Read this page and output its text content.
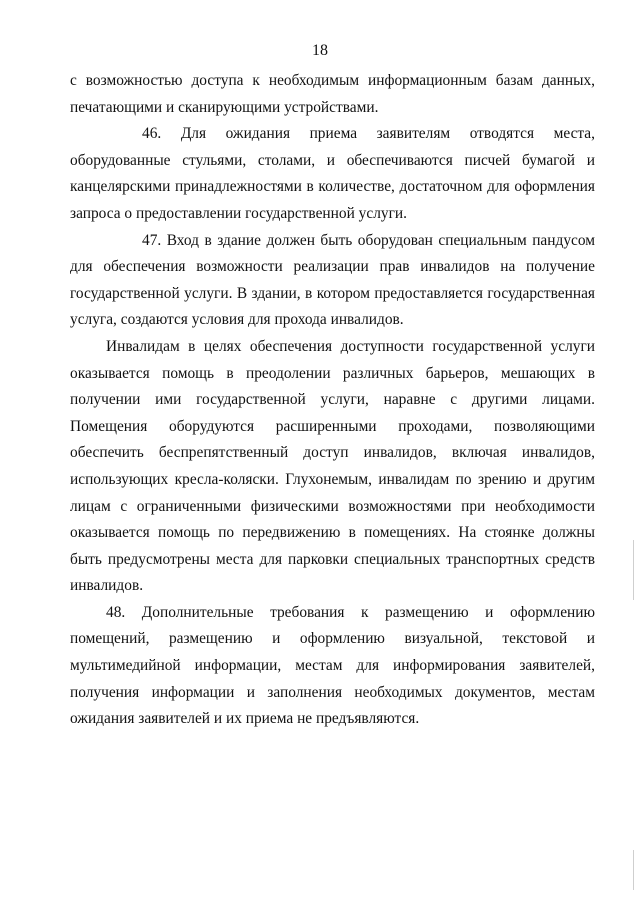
18

с возможностью доступа к необходимым информационным базам данных, печатающими и сканирующими устройствами.

46. Для ожидания приема заявителям отводятся места, оборудованные стульями, столами, и обеспечиваются писчей бумагой и канцелярскими принадлежностями в количестве, достаточном для оформления запроса о предоставлении государственной услуги.

47. Вход в здание должен быть оборудован специальным пандусом для обеспечения возможности реализации прав инвалидов на получение государственной услуги. В здании, в котором предоставляется государственная услуга, создаются условия для прохода инвалидов.

Инвалидам в целях обеспечения доступности государственной услуги оказывается помощь в преодолении различных барьеров, мешающих в получении ими государственной услуги, наравне с другими лицами. Помещения оборудуются расширенными проходами, позволяющими обеспечить беспрепятственный доступ инвалидов, включая инвалидов, использующих кресла-коляски. Глухонемым, инвалидам по зрению и другим лицам с ограниченными физическими возможностями при необходимости оказывается помощь по передвижению в помещениях. На стоянке должны быть предусмотрены места для парковки специальных транспортных средств инвалидов.

48. Дополнительные требования к размещению и оформлению помещений, размещению и оформлению визуальной, текстовой и мультимедийной информации, местам для информирования заявителей, получения информации и заполнения необходимых документов, местам ожидания заявителей и их приема не предъявляются.
